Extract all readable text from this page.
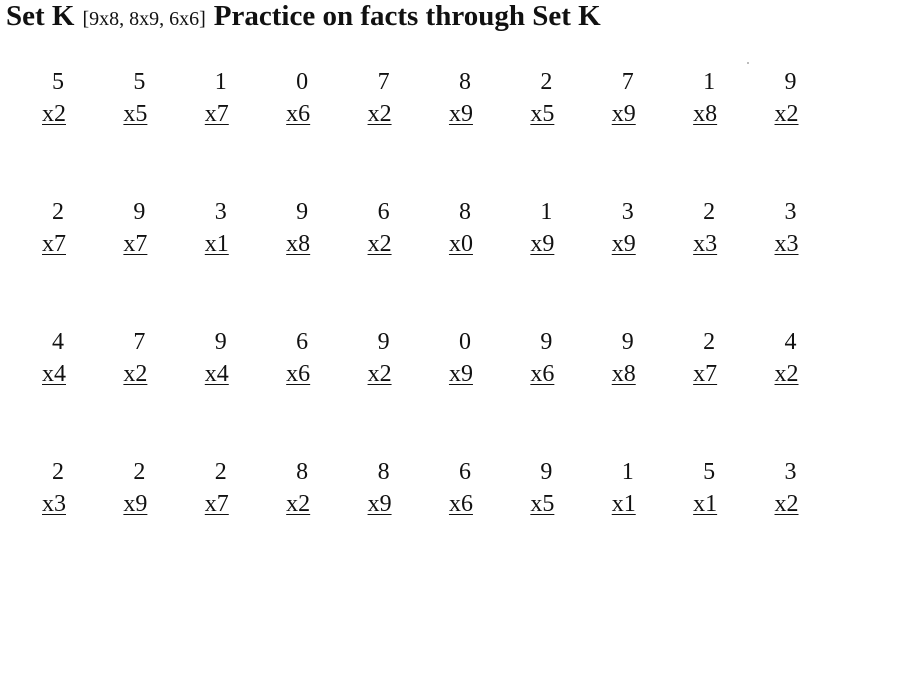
Set K [9x8, 8x9, 6x6] Practice on facts through Set K
5
x2
5
x5
1
x7
0
x6
7
x2
8
x9
2
x5
7
x9
1
x8
9
x2
2
x7
9
x7
3
x1
9
x8
6
x2
8
x0
1
x9
3
x9
2
x3
3
x3
4
x4
7
x2
9
x4
6
x6
9
x2
0
x9
9
x6
9
x8
2
x7
4
x2
2
x3
2
x9
2
x7
8
x2
8
x9
6
x6
9
x5
1
x1
5
x1
3
x2
